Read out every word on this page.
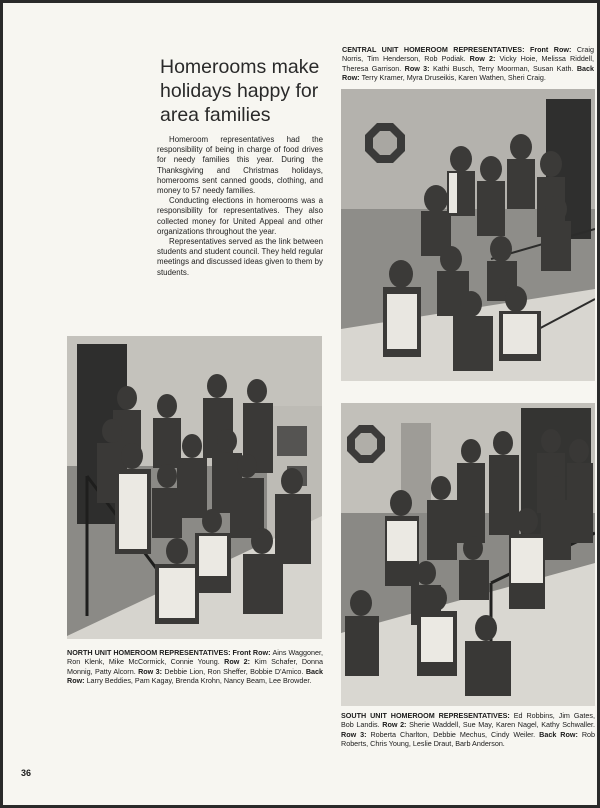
CENTRAL UNIT HOMEROOM REPRESENTATIVES: Front Row: Craig Norris, Tim Henderson, Rob Podiak. Row 2: Vicky Hoie, Melissa Riddell, Theresa Garrison. Row 3: Kathi Busch, Terry Moorman, Susan Kath. Back Row: Terry Kramer, Myra Druseikis, Karen Wathen, Sheri Craig.
Homerooms make holidays happy for area families

Homeroom representatives had the responsibility of being in charge of food drives for needy families this year. During the Thanksgiving and Christmas holidays, homerooms sent canned goods, clothing, and money to 57 needy families.

Conducting elections in homerooms was a responsibility for representatives. They also collected money for United Appeal and other organizations throughout the year.

Representatives served as the link between students and student council. They held regular meetings and discussed ideas given to them by students.

NORTH UNIT HOMEROOM REPRESENTATIVES: Front Row: Ains Waggoner, Ron Klenk, Mike McCormick, Connie Young. Row 2: Kim Schafer, Donna Monnig, Patty Alcorn. Row 3: Debbie Lion, Ron Sheffer, Bobbie D'Amico. Back Row: Larry Beddies, Pam Kagay, Brenda Krohn, Nancy Beam, Lee Browder.
SOUTH UNIT HOMEROOM REPRESENTATIVES: Ed Robbins, Jim Gates, Bob Landis. Row 2: Sherie Waddell, Sue May, Karen Nagel, Kathy Schwaller. Row 3: Roberta Charlton, Debbie Mechus, Cindy Weiler. Back Row: Rob Roberts, Chris Young, Leslie Draut, Barb Anderson.
36
